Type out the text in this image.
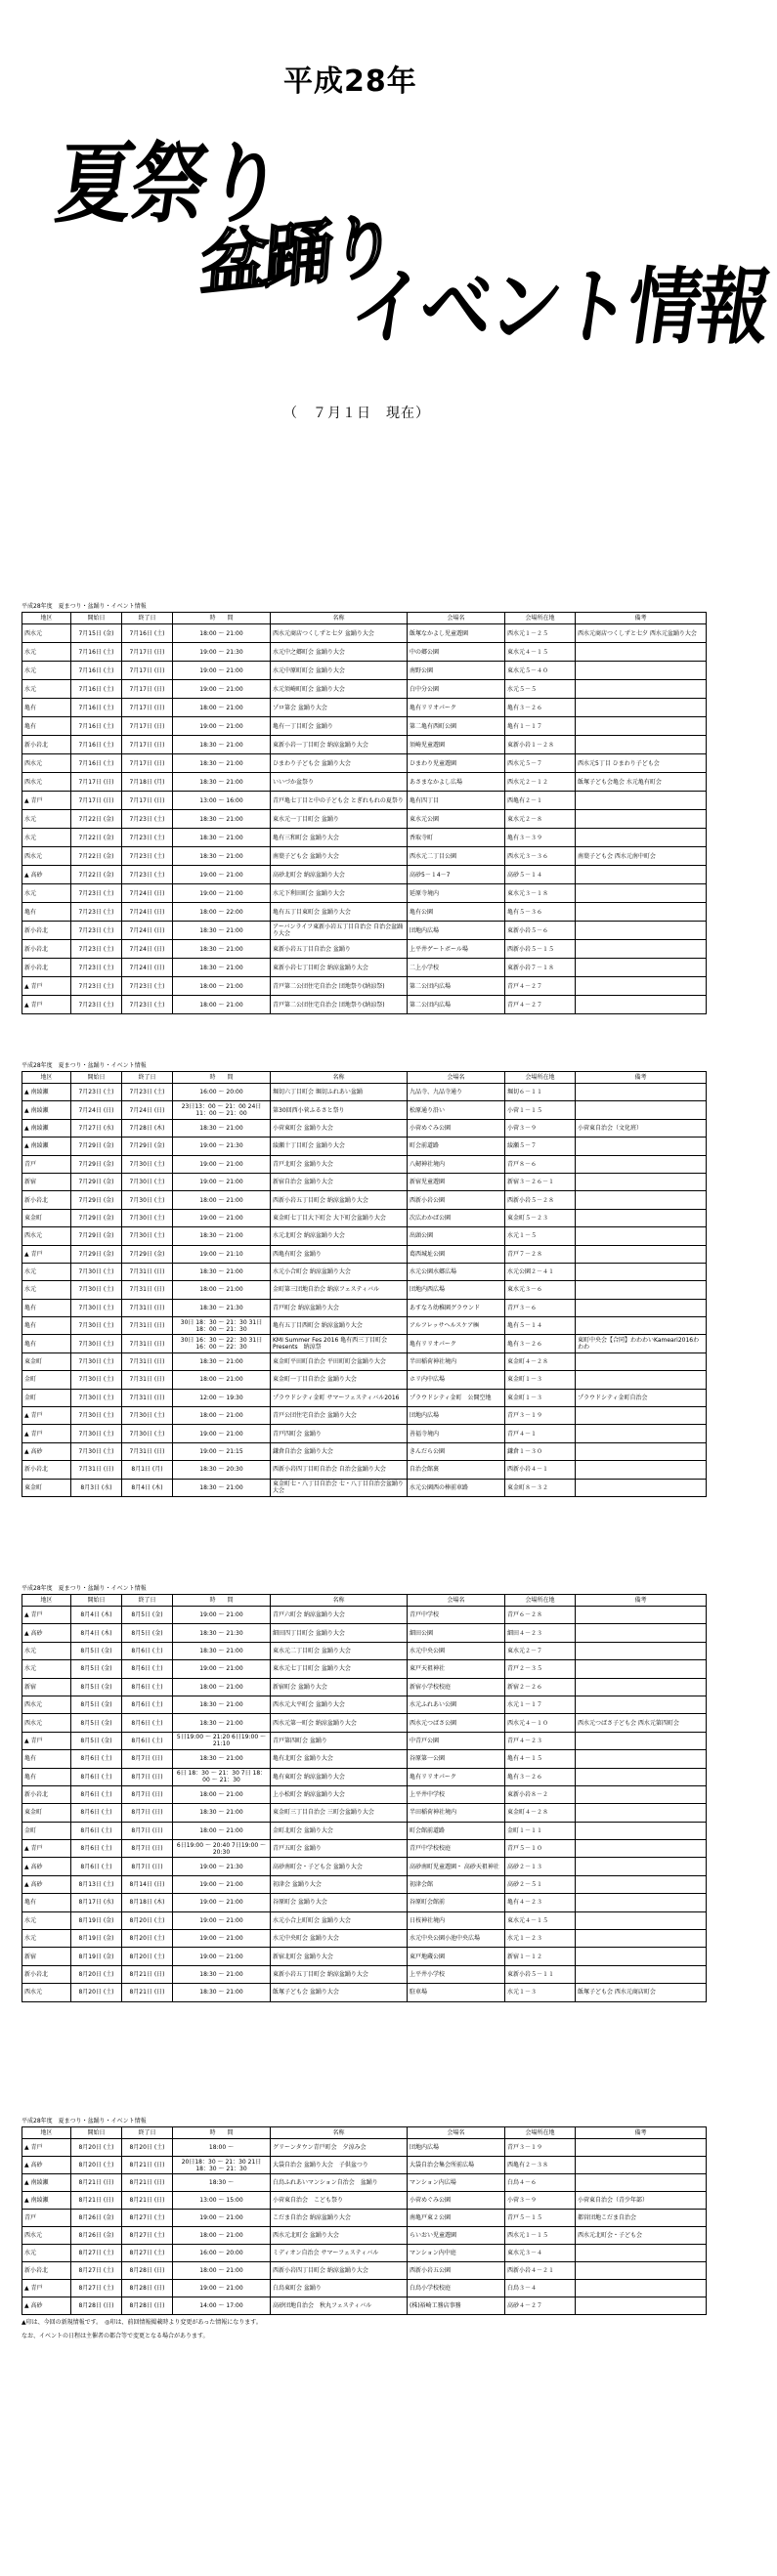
平成28年
夏祭り
盆踊り
イベント情報
（　７月１日　現在）
平成28年度　夏まつり・盆踊り・イベント情報
地区	開始日	終了日	時　　間	名称	会場名	会場所在地	備考
西水元	7月15日 (金)	7月16日 (土)	18:00 ～ 21:00	西水元商店つくしずと七夕 盆踊り大会	飯塚なかよし児童遊園	西水元１－２５	西水元商店つくしずと七夕 西水元盆踊り大会
水元	7月16日 (土)	7月17日 (日)	19:00 ～ 21:30	水元中之郷町会 盆踊り大会	中の郷公園	東水元４－１５	
水元	7月16日 (土)	7月17日 (日)	19:00 ～ 21:00	水元中原町町会 盆踊り大会	南野公園	東水元５－４０	
水元	7月16日 (土)	7月17日 (日)	19:00 ～ 21:00	水元須崎町町会 盆踊り大会	白中分公園	水元５－５	
亀有	7月16日 (土)	7月17日 (日)	18:00 ～ 21:00	ゾロ第会 盆踊り大会	亀有リリオパーク	亀有３－２６	
亀有	7月16日 (土)	7月17日 (日)	19:00 ～ 21:00	亀有一丁目町会 盆踊り	第二亀有西町公園	亀有１－１７	
新小岩北	7月16日 (土)	7月17日 (日)	18:30 ～ 21:00	東新小岩一丁目町会 納涼盆踊り大会	須崎児童遊園	東新小岩１－２８	
西水元	7月16日 (土)	7月17日 (日)	18:30 ～ 21:00	ひまわり子ども会 盆踊り大会	ひまわり児童遊園	西水元５－７	西水元5丁目 ひまわり子ども会
西水元	7月17日 (日)	7月18日 (月)	18:30 ～ 21:00	いいづか盆祭り	あさまなかよし広場	西水元２－１２	飯塚子ども会亀会 水元亀有町会
▲ 青戸	7月17日 (日)	7月17日 (日)	13:00 ～ 16:00	青戸亀七丁目と中の子ども会 とぎれもれの夏祭り	亀有四丁目	西亀有２－１	
水元	7月22日 (金)	7月23日 (土)	18:30 ～ 21:00	東水元一丁目町会 盆踊り	東水元公園	東水元２－８	
水元	7月22日 (金)	7月23日 (土)	18:30 ～ 21:00	亀有三和町会 盆踊り大会	香取寺町	亀有３－３９	
西水元	7月22日 (金)	7月23日 (土)	18:30 ～ 21:00	南葉子ども会 盆踊り大会	西水元二丁目公園	西水元３－３６	南葉子ども会 西水元南中町会
▲ 高砂	7月22日 (金)	7月23日 (土)	19:00 ～ 21:00	高砂北町会 納涼盆踊り大会	高砂5－１4－7	高砂５－１４	
水元	7月23日 (土)	7月24日 (日)	19:00 ～ 21:00	水元下利田町会 盆踊り大会	延原寺境内	東水元３－１８	
亀有	7月23日 (土)	7月24日 (日)	18:00 ～ 22:00	亀有五丁目東町会 盆踊り大会	亀有公園	亀有５－３６	
新小岩北	7月23日 (土)	7月24日 (日)	18:30 ～ 21:00	アーバンライフ東新小岩五丁目自治会 自治会盆踊り大会	団地内広場	東新小岩５－６	
新小岩北	7月23日 (土)	7月24日 (日)	18:30 ～ 21:00	東新小岩五丁目自治会 盆踊り	上平井ゲートボール場	西新小岩５－１５	
新小岩北	7月23日 (土)	7月24日 (日)	18:30 ～ 21:00	東新小岩七丁目町会 納涼盆踊り大会	二上小学校	東新小岩７－１８	
▲ 青戸	7月23日 (土)	7月23日 (土)	18:00 ～ 21:00	青戸第二公団住宅自治会 団地祭り(納涼祭)	第二公団内広場	青戸４－２７	
▲ 青戸	7月23日 (土)	7月23日 (土)	18:00 ～ 21:00	青戸第二公団住宅自治会 団地祭り(納涼祭)	第二公団内広場	青戸４－２７	
平成28年度　夏まつり・盆踊り・イベント情報
地区	開始日	終了日	時　　間	名称	会場名	会場所在地	備考
▲ 南綾瀬	7月23日 (土)	7月23日 (土)	16:00 ～ 20:00	堀切六丁目町会 堀切ふれあい盆踊	九品寺、九品寺通り	堀切６－１１	
▲ 南綾瀬	7月24日 (日)	7月24日 (日)	23日13：00 ～ 21：00 24日11：00 ～ 21：00	第30回西小菅ふるさと祭り	松原通り沿い	小菅１－１５	
▲ 南綾瀬	7月27日 (水)	7月28日 (木)	18:30 ～ 21:00	小菅東町会 盆踊り大会	小菅めぐみ公園	小菅３－９	小菅東自治会（文化班）
▲ 南綾瀬	7月29日 (金)	7月29日 (金)	19:00 ～ 21:30	綾瀬十丁目町会 盆踊り大会	町会前道路	綾瀬５－７	
青戸	7月29日 (金)	7月30日 (土)	19:00 ～ 21:00	青戸北町会 盆踊り大会	八剱神社境内	青戸８－６	
新宿	7月29日 (金)	7月30日 (土)	19:00 ～ 21:00	新宿自治会 盆踊り大会	新宿児童遊園	新宿３－２６－１	
新小岩北	7月29日 (金)	7月30日 (土)	18:00 ～ 21:00	西新小岩五丁目町会 納涼盆踊り大会	西新小岩公園	西新小岩５－２８	
東金町	7月29日 (金)	7月30日 (土)	19:00 ～ 21:00	東金町七丁目大下町会 大下町会盆踊り大会	次広わかば公園	東金町５－２３	
西水元	7月29日 (金)	7月30日 (土)	18:30 ～ 21:00	水元北町会 納涼盆踊り大会	出頭公園	水元１－５	
▲ 青戸	7月29日 (金)	7月29日 (金)	19:00 ～ 21:10	西亀有町会 盆踊り	葛西城址公園	青戸７－２８	
水元	7月30日 (土)	7月31日 (日)	18:30 ～ 21:00	水元小合町会 納涼盆踊り大会	水元公園水郷広場	水元公園２－４１	
水元	7月30日 (土)	7月31日 (日)	18:00 ～ 21:00	金町第三団地自治会 納涼フェスティバル	団地内西広場	東水元３－６	
亀有	7月30日 (土)	7月31日 (日)	18:30 ～ 21:30	青戸町会 納涼盆踊り大会	あすなろ幼稚園グラウンド	青戸３－６	
亀有	7月30日 (土)	7月31日 (日)	30日 18：30 ～ 21：30 31日 18：00 ～ 21：30	亀有五丁目西町会 納涼盆踊り大会	アルフレッサヘルスケア㈱	亀有５－１４	
亀有	7月30日 (土)	7月31日 (日)	30日 16：30 ～ 22：30 31日 16：00 ～ 22：30	KMI Summer Fes 2016 亀有西三丁目町会 Presents　納涼祭	亀有リリオパーク	亀有３－２６	東町中央会【合同】わわわいKameari2016わわわ
東金町	7月30日 (土)	7月31日 (日)	18:30 ～ 21:00	東金町平田町自治会 平田町町会盆踊り大会	半田稲荷神社境内	東金町４－２８	
金町	7月30日 (土)	7月31日 (日)	18:00 ～ 21:00	東金町一丁目自治会 盆踊り大会	ホリ内中広場	東金町１－３	
金町	7月30日 (土)	7月31日 (日)	12:00 ～ 19:30	プラウドシティ金町 サマーフェスティバル2016	プラウドシティ金町　公開空地	東金町１－３	プラウドシティ金町自治会
▲ 青戸	7月30日 (土)	7月30日 (土)	18:00 ～ 21:00	青戸公団住宅自治会 盆踊り大会	団地内広場	青戸３－１９	
▲ 青戸	7月30日 (土)	7月30日 (土)	19:00 ～ 21:00	青戸四町会 盆踊り	善福寺境内	青戸４－１	
▲ 高砂	7月30日 (土)	7月31日 (日)	19:00 ～ 21:15	鎌倉自治会 盆踊り大会	きんだら公園	鎌倉１－３０	
新小岩北	7月31日 (日)	8月1日 (月)	18:30 ～ 20:30	西新小岩四丁目町自治会 自治会盆踊り大会	自治会館裏	西新小岩４－１	
東金町	8月3日 (水)	8月4日 (木)	18:30 ～ 21:00	東金町七・八丁目自治会 七・八丁目自治会盆踊り大会	水元公園西の棒前車路	東金町８－３２	
平成28年度　夏まつり・盆踊り・イベント情報
地区	開始日	終了日	時　　間	名称	会場名	会場所在地	備考
▲ 青戸	8月4日 (木)	8月5日 (金)	19:00 ～ 21:00	青戸六町会 納涼盆踊り大会	青戸中学校	青戸６－２８	
▲ 高砂	8月4日 (木)	8月5日 (金)	18:30 ～ 21:30	細田四丁目町会 盆踊り大会	細田公園	細田４－２３	
水元	8月5日 (金)	8月6日 (土)	18:30 ～ 21:00	東水元二丁目町会 盆踊り大会	水元中央公園	東水元２－７	
水元	8月5日 (金)	8月6日 (土)	19:00 ～ 21:00	東水元七丁目町会 盆踊り大会	東戸天祖神社	青戸２－３５	
新宿	8月5日 (金)	8月6日 (土)	18:00 ～ 21:00	新宿町会 盆踊り大会	新宿小学校校庭	新宿２－２６	
西水元	8月5日 (金)	8月6日 (土)	18:30 ～ 21:00	西水元大平町会 盆踊り大会	水元ふれあい公園	水元１－１７	
西水元	8月5日 (金)	8月6日 (土)	18:30 ～ 21:00	西水元第一町会 納涼盆踊り大会	西水元つばさ公園	西水元４－１０	西水元つばさ子ども会 西水元第四町会
▲ 青戸	8月5日 (金)	8月6日 (土)	5日19:00 ～ 21:20 6日19:00 ～ 21:10	青戸第四町会 盆踊り	中青戸公園	青戸４－２３	
亀有	8月6日 (土)	8月7日 (日)	18:30 ～ 21:00	亀有北町会 盆踊り大会	谷原第一公園	亀有４－１５	
亀有	8月6日 (土)	8月7日 (日)	6日 18：30 ～ 21：30 7日 18：00 ～ 21：30	亀有東町会 納涼盆踊り大会	亀有リリオパーク	亀有３－２６	
新小岩北	8月6日 (土)	8月7日 (日)	18:00 ～ 21:00	上小松町会 納涼盆踊り大会	上平井中学校	東新小岩８－２	
東金町	8月6日 (土)	8月7日 (日)	18:30 ～ 21:00	東金町三丁目自治会 三町会盆踊り大会	半田稲荷神社境内	東金町４－２８	
金町	8月6日 (土)	8月7日 (日)	18:00 ～ 21:00	金町北町会 盆踊り大会	町会館前道路	金町１－１１	
▲ 青戸	8月6日 (土)	8月7日 (日)	6日19:00 ～ 20:40 7日19:00 ～ 20:30	青戸五町会 盆踊り	青戸中学校校庭	青戸５－１０	
▲ 高砂	8月6日 (土)	8月7日 (日)	19:00 ～ 21:30	高砂南町会・子ども会 盆踊り大会	高砂南町児童遊園・ 高砂天祖神社	高砂２－１３	
▲ 高砂	8月13日 (土)	8月14日 (日)	19:00 ～ 21:00	初津会 盆踊り大会	初津会館	高砂２－５１	
亀有	8月17日 (水)	8月18日 (木)	19:00 ～ 21:00	谷原町会 盆踊り大会	谷原町会館前	亀有４－２３	
水元	8月19日 (金)	8月20日 (土)	19:00 ～ 21:00	水元小合上町町会 盆踊り大会	日枝神社境内	東水元４－１５	
水元	8月19日 (金)	8月20日 (土)	19:00 ～ 21:00	水元中央町会 盆踊り大会	水元中央公園小池中央広場	水元１－２３	
新宿	8月19日 (金)	8月20日 (土)	19:00 ～ 21:00	新宿北町会 盆踊り大会	東戸地蔵公園	新宿１－１２	
新小岩北	8月20日 (土)	8月21日 (日)	18:30 ～ 21:00	東新小岩五丁目町会 納涼盆踊り大会	上平井小学校	東新小岩５－１１	
西水元	8月20日 (土)	8月21日 (日)	18:30 ～ 21:00	飯塚子ども会 盆踊り大会	駐車場	水元１－３	飯塚子ども会 西水元商店町会
平成28年度　夏まつり・盆踊り・イベント情報
地区	開始日	終了日	時　　間	名称	会場名	会場所在地	備考
▲ 青戸	8月20日 (土)	8月20日 (土)	18:00 ～	グリーンタウン青戸町会　夕涼み会	団地内広場	青戸３－１９	
▲ 高砂	8月20日 (土)	8月21日 (日)	20日18：30 ～ 21：30 21日18：30 ～ 21：30	大袋自治会 盆踊り大会　子供盆つり	大袋自治会集会所前広場	西亀有２－３８	
▲ 南綾瀬	8月21日 (日)	8月21日 (日)	18:30 ～	白鳥ふれあいマンション自治会　盆踊り	マンション内広場	白鳥４－６	
▲ 南綾瀬	8月21日 (日)	8月21日 (日)	13:00 ～ 15:00	小菅東自治会　こども祭り	小菅めぐみ公園	小菅３－９	小菅東自治会（青少年部）
青戸	8月26日 (金)	8月27日 (土)	19:00 ～ 21:00	こだま自治会 納涼盆踊り大会	南亀戸東２公園	青戸５－１５	都営団地こだま自治会
西水元	8月26日 (金)	8月27日 (土)	18:00 ～ 21:00	西水元北町会 盆踊り大会	らいおい児童遊園	西水元１－１５	西水元北町会・子ども会
水元	8月27日 (土)	8月27日 (土)	16:00 ～ 20:00	ミディオン自治会 サマーフェスティバル	マンション内中庭	東水元３－４	
新小岩北	8月27日 (土)	8月28日 (日)	18:00 ～ 21:00	西新小岩四丁目町会 納涼盆踊り大会	西新小岩五公園	西新小岩４－２１	
▲ 青戸	8月27日 (土)	8月28日 (日)	19:00 ～ 21:00	白鳥東町会 盆踊り	白鳥小学校校庭	白鳥３－４	
▲ 高砂	8月28日 (日)	8月28日 (日)	14:00 ～ 17:00	高砂団地自治会　秋丸フェスティバル	(株)裕崎工務店事務	高砂４－２７	
▲印は、今回の新規情報です。　◎印は、前回情報掲載時より変更があった情報になります。
なお、イベントの日程は主催者の都合等で変更となる場合があります。
